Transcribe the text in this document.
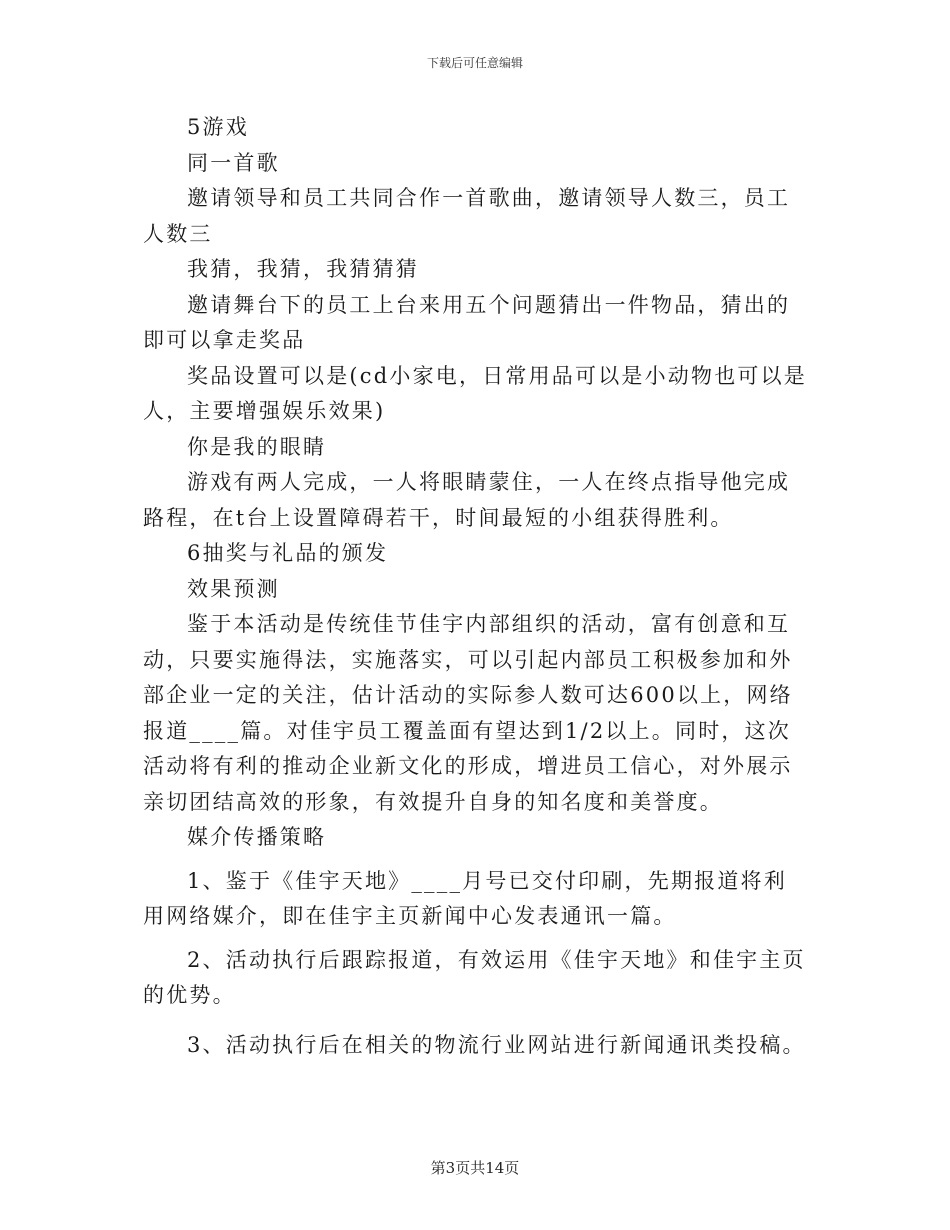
下载后可任意编辑

5游戏

同一首歌

邀请领导和员工共同合作一首歌曲，邀请领导人数三，员工人数三

我猜，我猜，我猜猜猜

邀请舞台下的员工上台来用五个问题猜出一件物品，猜出的即可以拿走奖品

奖品设置可以是(cd小家电，日常用品可以是小动物也可以是人，主要增强娱乐效果)

你是我的眼睛

游戏有两人完成，一人将眼睛蒙住，一人在终点指导他完成路程，在t台上设置障碍若干，时间最短的小组获得胜利。

6抽奖与礼品的颁发

效果预测

鉴于本活动是传统佳节佳宇内部组织的活动，富有创意和互动，只要实施得法，实施落实，可以引起内部员工积极参加和外部企业一定的关注，估计活动的实际参人数可达600以上，网络报道____篇。对佳宇员工覆盖面有望达到1/2以上。同时，这次活动将有利的推动企业新文化的形成，增进员工信心，对外展示亲切团结高效的形象，有效提升自身的知名度和美誉度。

媒介传播策略

1、鉴于《佳宇天地》____月号已交付印刷，先期报道将利用网络媒介，即在佳宇主页新闻中心发表通讯一篇。

2、活动执行后跟踪报道，有效运用《佳宇天地》和佳宇主页的优势。

3、活动执行后在相关的物流行业网站进行新闻通讯类投稿。

第3页共14页
